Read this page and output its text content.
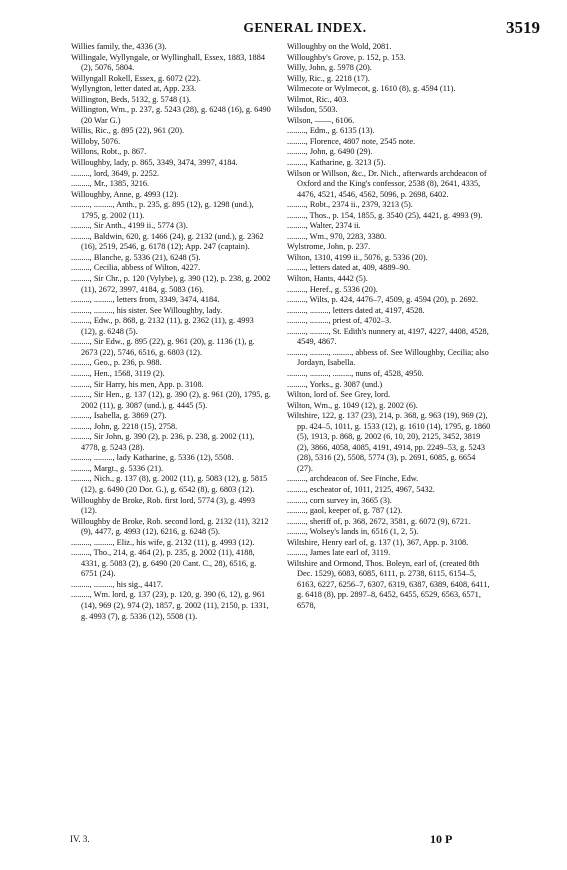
GENERAL INDEX.	3519
Willies family, the, 4336 (3).
Willingale, Wyllyngale, or Wyllinghall, Essex, 1883, 1884 (2), 5076, 5804.
Willyngall Rokell, Essex, g. 6072 (22).
Wyllyngton, letter dated at, App. 233.
Willington, Beds, 5132, g. 5748 (1).
Willington, Wm., p. 237, g. 5243 (28), g. 6248 (16), g. 6490 (20 War G.)
Willis, Ric., g. 895 (22), 961 (20).
Willoby, 5076.
Willons, Robt., p. 867.
Willoughby, lady, p. 865, 3349, 3474, 3997, 4184.
........., lord, 3649, p. 2252.
........., Mr., 1385, 3216.
Willoughby, Anne, g. 4993 (12).
........., ........., Anth., p. 235, g. 895 (12), g. 1298 (und.), 1795, g. 2002 (11).
........., Sir Anth., 4199 ii., 5774 (3).
........., Baldwin, 620, g. 1466 (24), g. 2132 (und.), g. 2362 (16), 2519, 2546, g. 6178 (12); App. 247 (captain).
........., Blanche, g. 5336 (21), 6248 (5).
........., Cecilia, abbess of Wilton, 4227.
........., Sir Chr., p. 120 (Vylybe), g. 390 (12), p. 238, g. 2002 (11), 2672, 3997, 4184, g. 5083 (16).
........., ........., letters from, 3349, 3474, 4184.
........., ........., his sister. See Willoughby, lady.
........., Edw., p. 868, g. 2132 (11), g. 2362 (11), g. 4993 (12), g. 6248 (5).
........., Sir Edw., g. 895 (22), g. 961 (20), g. 1136 (1), g. 2673 (22), 5746, 6516, g. 6803 (12).
........., Geo., p. 236, p. 988.
........., Hen., 1568, 3119 (2).
........., Sir Harry, his men, App. p. 3108.
........., Sir Hen., g. 137 (12), g. 390 (2), g. 961 (20), 1795, g. 2002 (11), g. 3087 (und.), g. 4445 (5).
........., Isabella, g. 3869 (27).
........., John, g. 2218 (15), 2758.
........., Sir John, g. 390 (2), p. 236, p. 238, g. 2002 (11), 4778, g. 5243 (28).
........., ........., lady Katharine, g. 5336 (12), 5508.
........., Margt., g. 5336 (21).
........., Nich., g. 137 (8), g. 2002 (11), g. 5083 (12), g. 5815 (12), g. 6490 (20 Dor. G.), g. 6542 (8), g. 6803 (12).
Willoughby de Broke, Rob. first lord, 5774 (3), g. 4993 (12).
Willoughby de Broke, Rob. second lord, g. 2132 (11), 3212 (9), 4477, g. 4993 (12), 6216, g. 6248 (5).
........., ........., Eliz., his wife, g. 2132 (11), g. 4993 (12).
........., Tho., 214, g. 464 (2), p. 235, g. 2002 (11), 4188, 4331, g. 5083 (2), g. 6490 (20 Cant. C., 28), 6516, g. 6751 (24).
........., ........., his sig., 4417.
........., Wm. lord, g. 137 (23), p. 120, g. 390 (6, 12), g. 961 (14), 969 (2), 974 (2), 1857, g. 2002 (11), 2150, p. 1331, g. 4993 (7), g. 5336 (12), 5508 (1).
Willoughby on the Wold, 2081.
Willoughby's Grove, p. 152, p. 153.
Willy, John, g. 5978 (20).
Willy, Ric., g. 2218 (17).
Wilmecote or Wylmecot, g. 1610 (8), g. 4594 (11).
Wilmot, Ric., 403.
Wilsdon, 5503.
Wilson, ——, 6106.
........., Edm., g. 6135 (13).
........., Florence, 4807 note, 2545 note.
........., John, g. 6490 (29).
........., Katharine, g. 3213 (5).
Wilson or Willson, &c., Dr. Nich., afterwards archdeacon of Oxford and the King's confessor, 2538 (8), 2641, 4335, 4476, 4521, 4546, 4562, 5096, p. 2698, 6402.
........., Robt., 2374 ii., 2379, 3213 (5).
........., Thos., p. 154, 1855, g. 3540 (25), 4421, g. 4993 (9).
........., Walter, 2374 ii.
........., Wm., 970, 2283, 3380.
Wylstrome, John, p. 237.
Wilton, 1310, 4199 ii., 5076, g. 5336 (20).
........., letters dated at, 409, 4889–90.
Wilton, Hants, 4442 (5).
........., Heref., g. 5336 (20).
........., Wilts, p. 424, 4476–7, 4509, g. 4594 (20), p. 2692.
........., ........., letters dated at, 4197, 4528.
........., ........., priest of, 4702–3.
........., ........., St. Edith's nunnery at, 4197, 4227, 4408, 4528, 4549, 4867.
........., ........., ........., abbess of. See Willoughby, Cecilia; also Jordayn, Isabella.
........., ........., ........., nuns of, 4528, 4950.
........., Yorks., g. 3087 (und.)
Wilton, lord of. See Grey, lord.
Wilton, Wm., g. 1049 (12), g. 2002 (6).
Wiltshire, 122, g. 137 (23), 214, p. 368, g. 963 (19), 969 (2), pp. 424–5, 1011, g. 1533 (12), g. 1610 (14), 1795, g. 1860 (5), 1913, p. 868, g. 2002 (6, 10, 20), 2125, 3452, 3819 (2), 3866, 4058, 4085, 4191, 4914, pp. 2249–53, g. 5243 (28), 5316 (2), 5508, 5774 (3), p. 2691, 6085, g. 6654 (27).
........., archdeacon of. See Finche, Edw.
........., escheator of, 1011, 2125, 4967, 5432.
........., corn survey in, 3665 (3).
........., gaol, keeper of, g. 787 (12).
........., sheriff of, p. 368, 2672, 3581, g. 6072 (9), 6721.
........., Wolsey's lands in, 6516 (1, 2, 5).
Wiltshire, Henry earl of, g. 137 (1), 367, App. p. 3108.
........., James late earl of, 3119.
Wiltshire and Ormond, Thos. Boleyn, earl of, (created 8th Dec. 1529), 6083, 6085, 6111, p. 2738, 6115, 6154–5, 6163, 6227, 6256–7, 6307, 6319, 6387, 6389, 6408, 6411, g. 6418 (8), pp. 2897–8, 6452, 6455, 6529, 6563, 6571, 6578,
IV. 3.	10 P
